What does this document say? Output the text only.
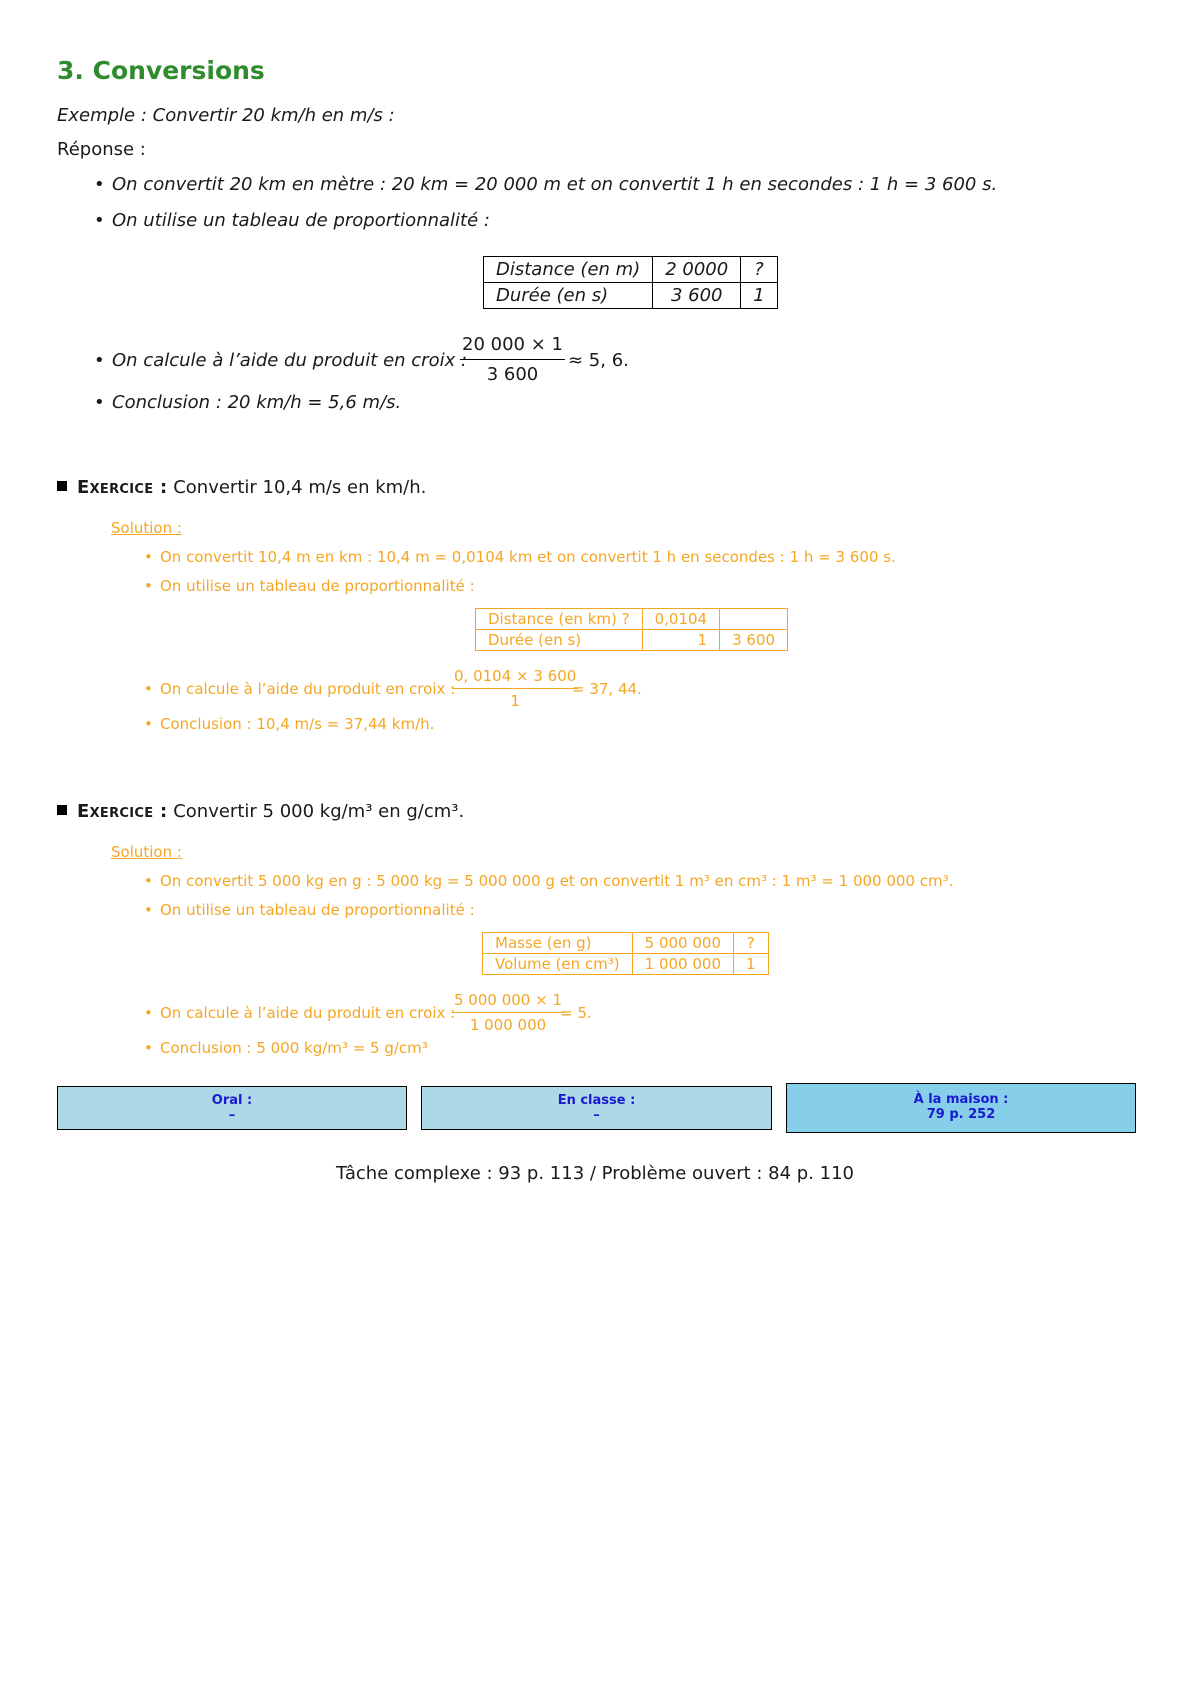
3. Conversions
Exemple : Convertir 20 km/h en m/s :
Réponse :
• On convertit 20 km en mètre : 20 km = 20 000 m et on convertit 1 h en secondes : 1 h = 3 600 s.
• On utilise un tableau de proportionnalité :
Distance (en m)	2 0000	?
Durée (en s)	3 600	1
• On calcule à l’aide du produit en croix :
$\frac{20 000 \times 1}{3 600} \approx 5$, 6.
• Conclusion : 20 km/h = 5,6 m/s.
Exercice : Convertir 10,4 m/s en km/h.
Solution :
• On convertit 10,4 m en km : 10,4 m = 0,0104 km et on convertit 1 h en secondes : 1 h = 3 600 s.
• On utilise un tableau de proportionnalité :
Distance (en km) ?	0,0104	
Durée (en s)	1	3 600
• On calcule à l’aide du produit en croix :
$\frac{0, 0104 \times 3 600}{1}$
= 37, 44.
• Conclusion : 10,4 m/s = 37,44 km/h.
Exercice : Convertir 5 000 kg/m³ en g/cm³.
Solution :
• On convertit 5 000 kg en g : 5 000 kg = 5 000 000 g et on convertit 1 m³ en cm³ : 1 m³ = 1 000 000 cm³.
• On utilise un tableau de proportionnalité :
Masse (en g)	5 000 000	?
Volume (en cm³)	1 000 000	1
• On calcule à l’aide du produit en croix :
$\frac{5 000 000 \times 1}{1 000 000}$
= 5.
• Conclusion : 5 000 kg/m³ = 5 g/cm³
Oral :
–
En classe :
–
À la maison :
79 p. 252
Tâche complexe : 93 p. 113 / Problème ouvert : 84 p. 110
